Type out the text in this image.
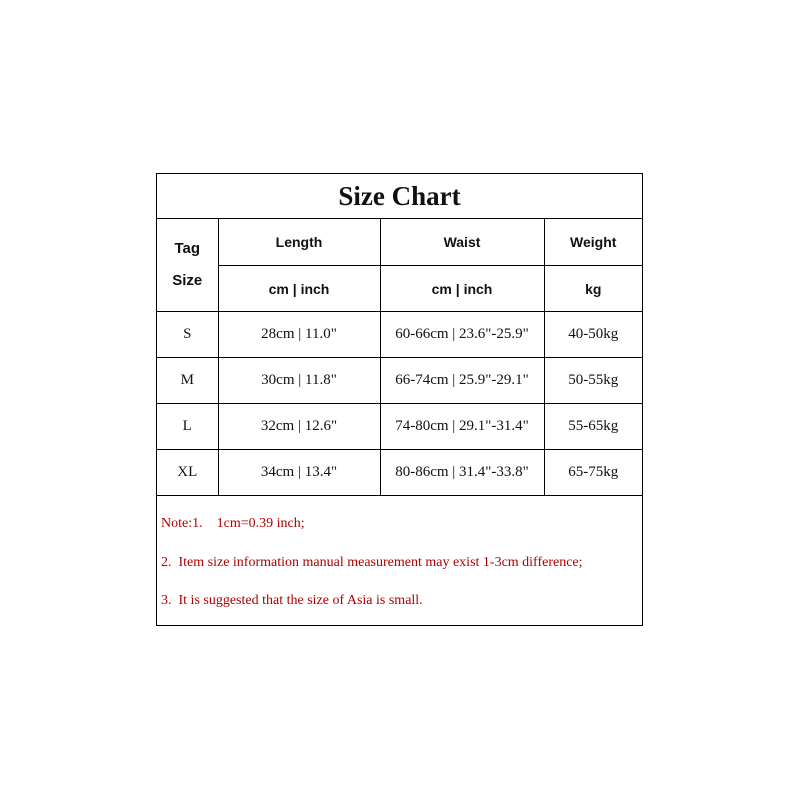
Size Chart
Tag
Size	Length	Waist	Weight
	cm | inch	cm | inch	kg
S	28cm | 11.0"	60-66cm | 23.6"-25.9"	40-50kg
M	30cm | 11.8"	66-74cm | 25.9"-29.1"	50-55kg
L	32cm | 12.6"	74-80cm | 29.1"-31.4"	55-65kg
XL	34cm | 13.4"	80-86cm | 31.4"-33.8"	65-75kg
Note:1.    1cm=0.39 inch;
2.  Item size information manual measurement may exist 1-3cm difference;
3.  It is suggested that the size of Asia is small.
